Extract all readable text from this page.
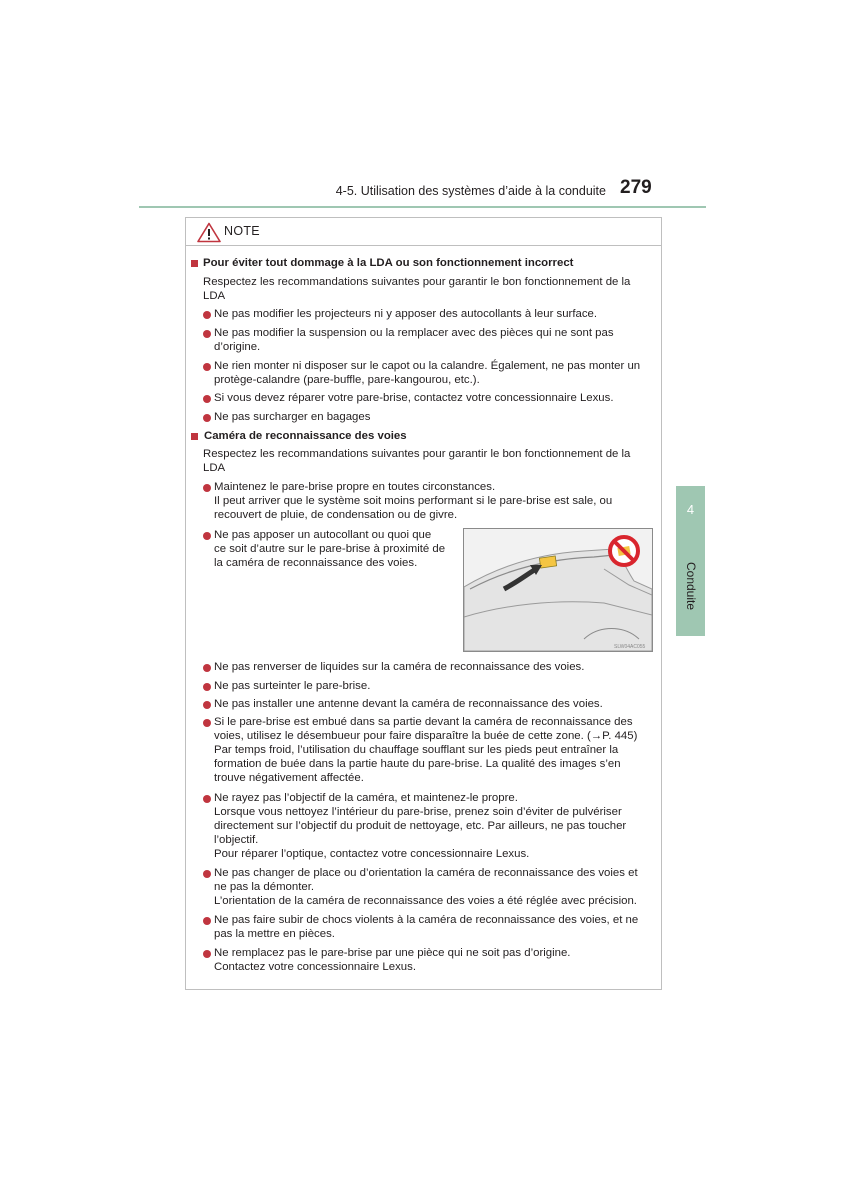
4-5. Utilisation des systèmes d’aide à la conduite 279
4
Conduite
NOTE
Pour éviter tout dommage à la LDA ou son fonctionnement incorrect
Respectez les recommandations suivantes pour garantir le bon fonctionnement de la
LDA
Ne pas modifier les projecteurs ni y apposer des autocollants à leur surface.
Ne pas modifier la suspension ou la remplacer avec des pièces qui ne sont pas
d’origine.
Ne rien monter ni disposer sur le capot ou la calandre. Également, ne pas monter un
protège-calandre (pare-buffle, pare-kangourou, etc.).
Si vous devez réparer votre pare-brise, contactez votre concessionnaire Lexus.
Ne pas surcharger en bagages
Caméra de reconnaissance des voies
Respectez les recommandations suivantes pour garantir le bon fonctionnement de la
LDA
Maintenez le pare-brise propre en toutes circonstances.
Il peut arriver que le système soit moins performant si le pare-brise est sale, ou
recouvert de pluie, de condensation ou de givre.
Ne pas apposer un autocollant ou quoi que
ce soit d’autre sur le pare-brise à proximité de
la caméra de reconnaissance des voies.
SLW04AC055
Ne pas renverser de liquides sur la caméra de reconnaissance des voies.
Ne pas surteinter le pare-brise.
Ne pas installer une antenne devant la caméra de reconnaissance des voies.
Si le pare-brise est embué dans sa partie devant la caméra de reconnaissance des
voies, utilisez le désembueur pour faire disparaître la buée de cette zone. (→P. 445)
Par temps froid, l’utilisation du chauffage soufflant sur les pieds peut entraîner la
formation de buée dans la partie haute du pare-brise. La qualité des images s’en
trouve négativement affectée.
Ne rayez pas l’objectif de la caméra, et maintenez-le propre.
Lorsque vous nettoyez l’intérieur du pare-brise, prenez soin d’éviter de pulvériser
directement sur l’objectif du produit de nettoyage, etc. Par ailleurs, ne pas toucher
l’objectif.
Pour réparer l’optique, contactez votre concessionnaire Lexus.
Ne pas changer de place ou d’orientation la caméra de reconnaissance des voies et
ne pas la démonter.
L’orientation de la caméra de reconnaissance des voies a été réglée avec précision.
Ne pas faire subir de chocs violents à la caméra de reconnaissance des voies, et ne
pas la mettre en pièces.
Ne remplacez pas le pare-brise par une pièce qui ne soit pas d’origine.
Contactez votre concessionnaire Lexus.
